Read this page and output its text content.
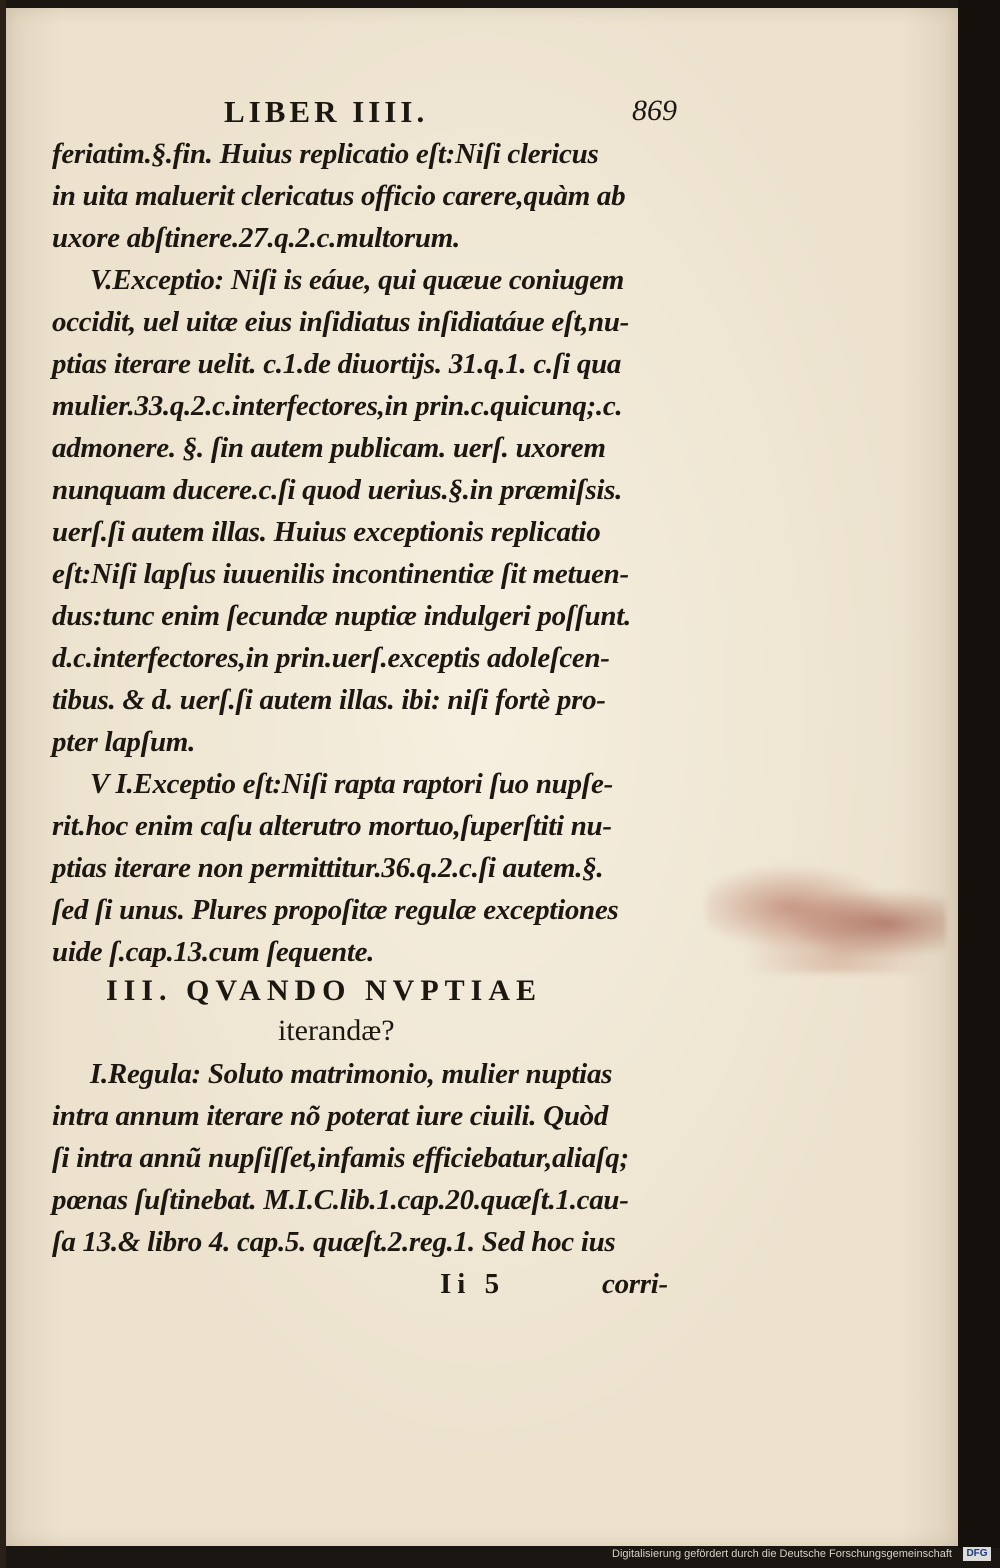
LIBER IIII.	869
feriatim.§.fin. Huius replicatio eſt:Niſi clericus
in uita maluerit clericatus officio carere,quàm ab
uxore abſtinere.27.q.2.c.multorum.
V.Exceptio: Niſi is eáue, qui quæue coniugem
occidit, uel uitæ eius inſidiatus inſidiatáue eſt,nu-
ptias iterare uelit. c.1.de diuortijs. 31.q.1. c.ſi qua
mulier.33.q.2.c.interfectores,in prin.c.quicunq;.c.
admonere. §. ſin autem publicam. uerſ. uxorem
nunquam ducere.c.ſi quod uerius.§.in præmiſsis.
uerſ.ſi autem illas. Huius exceptionis replicatio
eſt:Niſi lapſus iuuenilis incontinentiæ ſit metuen-
dus:tunc enim ſecundæ nuptiæ indulgeri poſſunt.
d.c.interfectores,in prin.uerſ.exceptis adoleſcen-
tibus. & d. uerſ.ſi autem illas. ibi: niſi fortè pro-
pter lapſum.
V I.Exceptio eſt:Niſi rapta raptori ſuo nupſe-
rit.hoc enim caſu alterutro mortuo,ſuperſtiti nu-
ptias iterare non permittitur.36.q.2.c.ſi autem.§.
ſed ſi unus. Plures propoſitæ regulæ exceptiones
uide ſ.cap.13.cum ſequente.
III. QVANDO NVPTIAE
iterandæ?
I.Regula: Soluto matrimonio, mulier nuptias
intra annum iterare nõ poterat iure ciuili. Quòd
ſi intra annũ nupſiſſet,infamis efficiebatur,aliaſq;
pœnas ſuſtinebat. M.I.C.lib.1.cap.20.quæſt.1.cau-
ſa 13.& libro 4. cap.5. quæſt.2.reg.1. Sed hoc ius
Ii 5	corri-
Digitalisierung gefördert durch die Deutsche Forschungsgemeinschaft	DFG
